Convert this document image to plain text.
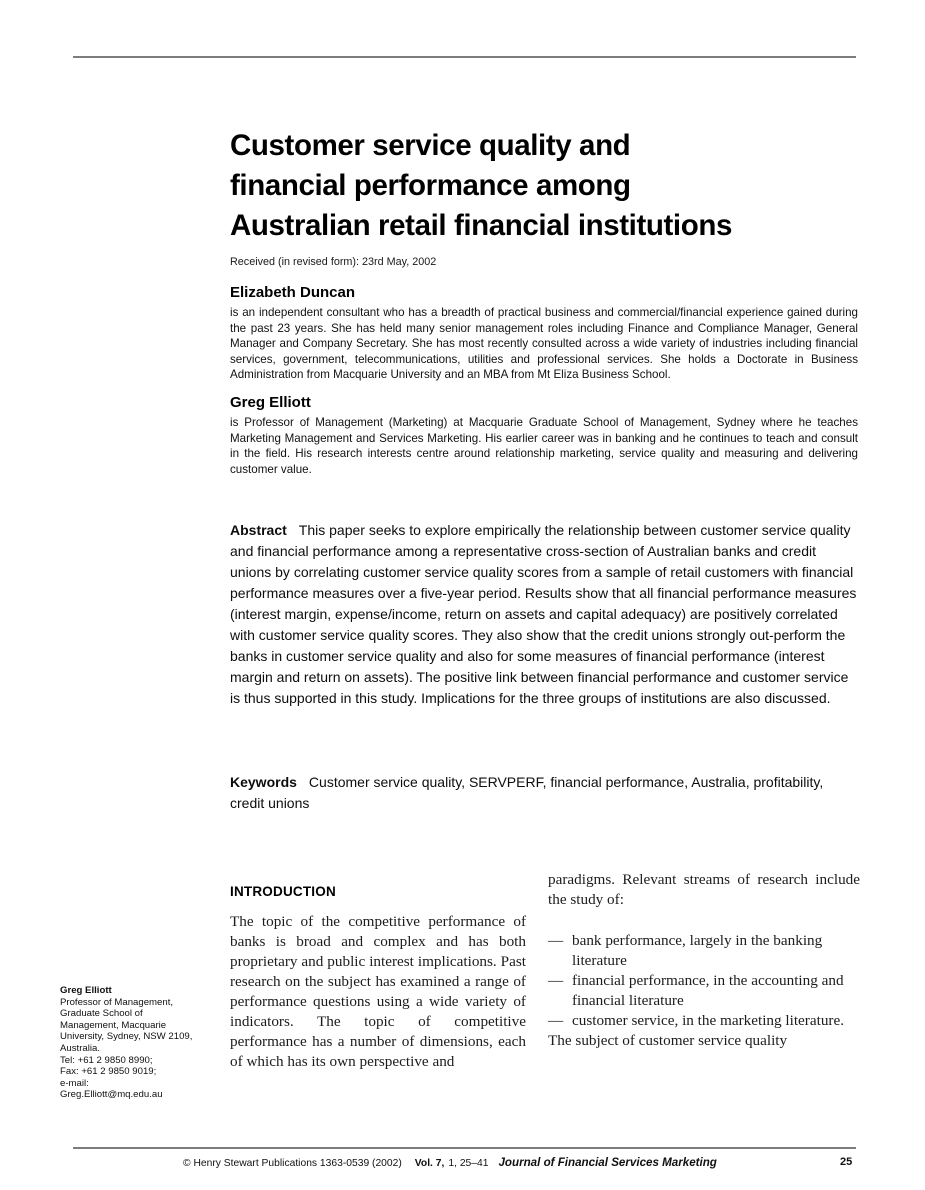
Customer service quality and
financial performance among
Australian retail financial institutions
Received (in revised form): 23rd May, 2002
Elizabeth Duncan
is an independent consultant who has a breadth of practical business and commercial/financial experience gained during the past 23 years. She has held many senior management roles including Finance and Compliance Manager, General Manager and Company Secretary. She has most recently consulted across a wide variety of industries including financial services, government, telecommunications, utilities and professional services. She holds a Doctorate in Business Administration from Macquarie University and an MBA from Mt Eliza Business School.
Greg Elliott
is Professor of Management (Marketing) at Macquarie Graduate School of Management, Sydney where he teaches Marketing Management and Services Marketing. His earlier career was in banking and he continues to teach and consult in the field. His research interests centre around relationship marketing, service quality and measuring and delivering customer value.
Abstract This paper seeks to explore empirically the relationship between customer service quality and financial performance among a representative cross-section of Australian banks and credit unions by correlating customer service quality scores from a sample of retail customers with financial performance measures over a five-year period. Results show that all financial performance measures (interest margin, expense/income, return on assets and capital adequacy) are positively correlated with customer service quality scores. They also show that the credit unions strongly out-perform the banks in customer service quality and also for some measures of financial performance (interest margin and return on assets). The positive link between financial performance and customer service is thus supported in this study. Implications for the three groups of institutions are also discussed.
Keywords Customer service quality, SERVPERF, financial performance, Australia, profitability, credit unions
INTRODUCTION

The topic of the competitive performance of banks is broad and complex and has both proprietary and public interest implications. Past research on the subject has examined a range of performance questions using a wide variety of indicators. The topic of competitive performance has a number of dimensions, each of which has its own perspective and

paradigms. Relevant streams of research include the study of:

— bank performance, largely in the banking literature
— financial performance, in the accounting and financial literature
— customer service, in the marketing literature.

The subject of customer service quality

Greg Elliott
Professor of Management,
Graduate School of
Management, Macquarie
University, Sydney, NSW 2109,
Australia.
Tel: +61 2 9850 8990;
Fax: +61 2 9850 9019;
e-mail:
Greg.Elliott@mq.edu.au
© Henry Stewart Publications 1363-0539 (2002) Vol. 7, 1, 25–41 Journal of Financial Services Marketing	25
